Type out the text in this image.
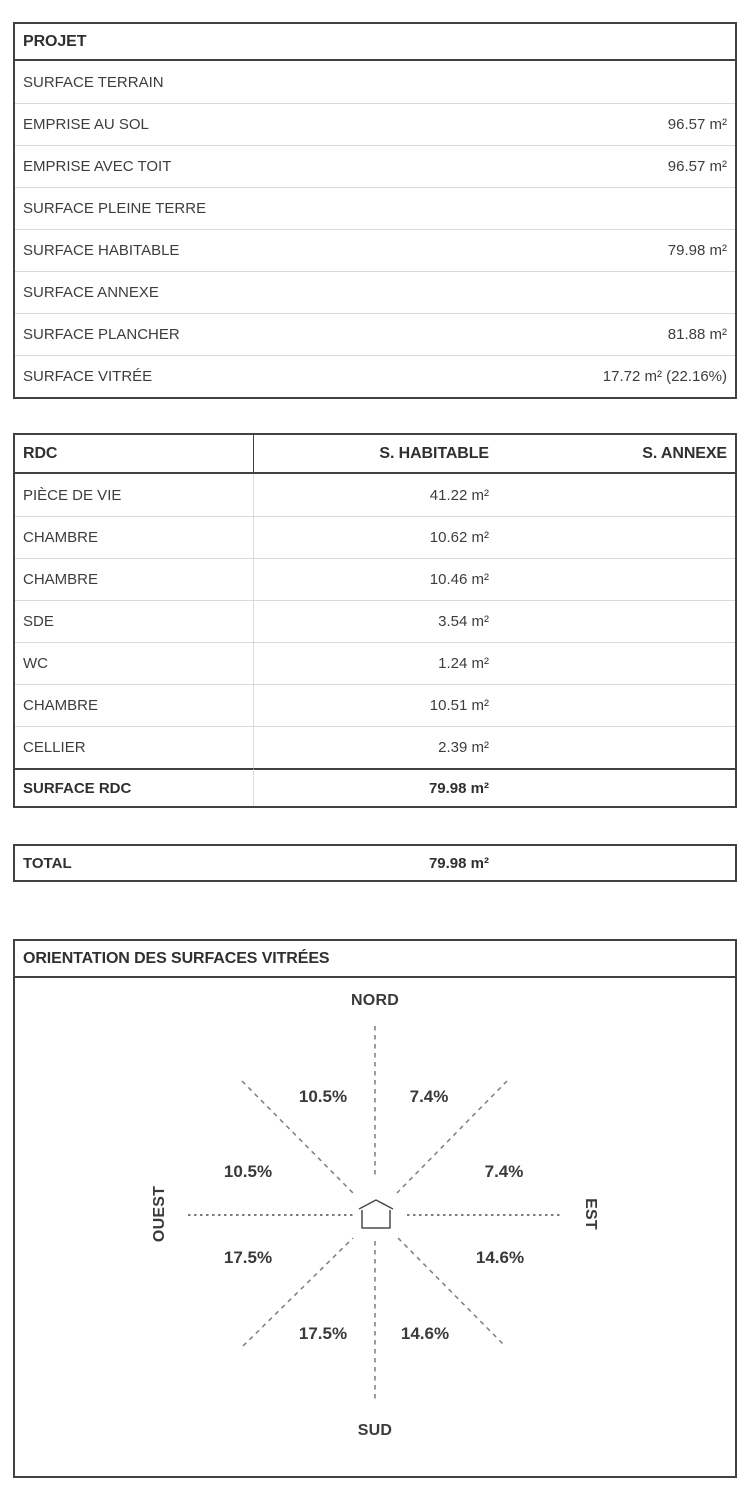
PROJET
SURFACE TERRAIN
EMPRISE AU SOL	96.57 m²
EMPRISE AVEC TOIT	96.57 m²
SURFACE PLEINE TERRE
SURFACE HABITABLE	79.98 m²
SURFACE ANNEXE
SURFACE PLANCHER	81.88 m²
SURFACE VITRÉE	17.72 m² (22.16%)
RDC	S. HABITABLE	S. ANNEXE
PIÈCE DE VIE	41.22 m²
CHAMBRE	10.62 m²
CHAMBRE	10.46 m²
SDE	3.54 m²
WC	1.24 m²
CHAMBRE	10.51 m²
CELLIER	2.39 m²
SURFACE RDC	79.98 m²
TOTAL	79.98 m²
ORIENTATION DES SURFACES VITRÉES
NORD
SUD
OUEST	EST
10.5%	7.4%
10.5%	7.4%
17.5%	14.6%
17.5%	14.6%
